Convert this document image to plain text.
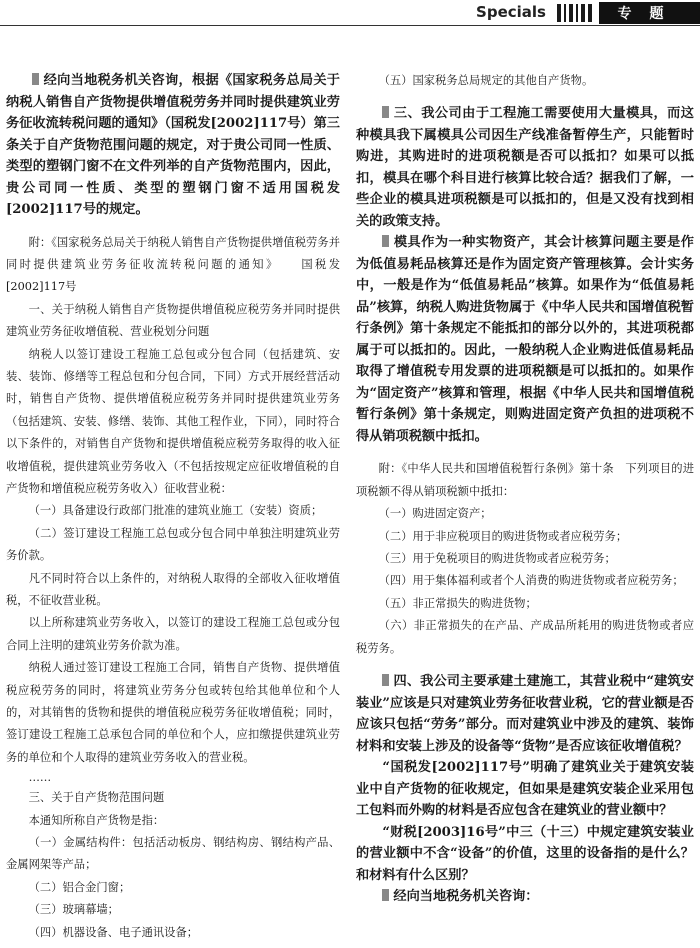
Specials	专题

经向当地税务机关咨询，根据《国家税务总局关于纳税人销售自产货物提供增值税劳务并同时提供建筑业劳务征收流转税问题的通知》（国税发[2002]117号）第三条关于自产货物范围问题的规定，对于贵公司同一性质、类型的塑钢门窗不在文件列举的自产货物范围内，因此，贵公司同一性质、类型的塑钢门窗不适用国税发[2002]117号的规定。

附：《国家税务总局关于纳税人销售自产货物提供增值税劳务并同时提供建筑业劳务征收流转税问题的通知》　　国税发[2002]117号

一、关于纳税人销售自产货物提供增值税应税劳务并同时提供建筑业劳务征收增值税、营业税划分问题

纳税人以签订建设工程施工总包或分包合同（包括建筑、安装、装饰、修缮等工程总包和分包合同，下同）方式开展经营活动时，销售自产货物、提供增值税应税劳务并同时提供建筑业劳务（包括建筑、安装、修缮、装饰、其他工程作业，下同），同时符合以下条件的，对销售自产货物和提供增值税应税劳务取得的收入征收增值税，提供建筑业劳务收入（不包括按规定应征收增值税的自产货物和增值税应税劳务收入）征收营业税：

（一）具备建设行政部门批准的建筑业施工（安装）资质；

（二）签订建设工程施工总包或分包合同中单独注明建筑业劳务价款。

凡不同时符合以上条件的，对纳税人取得的全部收入征收增值税，不征收营业税。

以上所称建筑业劳务收入，以签订的建设工程施工总包或分包合同上注明的建筑业劳务价款为准。

纳税人通过签订建设工程施工合同，销售自产货物、提供增值税应税劳务的同时，将建筑业劳务分包或转包给其他单位和个人的，对其销售的货物和提供的增值税应税劳务征收增值税；同时，签订建设工程施工总承包合同的单位和个人，应扣缴提供建筑业劳务的单位和个人取得的建筑业劳务收入的营业税。

……

三、关于自产货物范围问题

本通知所称自产货物是指：

（一）金属结构件：包括活动板房、钢结构房、钢结构产品、金属网架等产品；

（二）铝合金门窗；

（三）玻璃幕墙；

（四）机器设备、电子通讯设备；

（五）国家税务总局规定的其他自产货物。

三、我公司由于工程施工需要使用大量模具，而这种模具我下属模具公司因生产线准备暂停生产，只能暂时购进，其购进时的进项税额是否可以抵扣？如果可以抵扣，模具在哪个科目进行核算比较合适？据我们了解，一些企业的模具进项税额是可以抵扣的，但是又没有找到相关的政策支持。

模具作为一种实物资产，其会计核算问题主要是作为低值易耗品核算还是作为固定资产管理核算。会计实务中，一般是作为“低值易耗品”核算。如果作为“低值易耗品”核算，纳税人购进货物属于《中华人民共和国增值税暂行条例》第十条规定不能抵扣的部分以外的，其进项税都属于可以抵扣的。因此，一般纳税人企业购进低值易耗品取得了增值税专用发票的进项税额是可以抵扣的。如果作为“固定资产”核算和管理，根据《中华人民共和国增值税暂行条例》第十条规定，则购进固定资产负担的进项税不得从销项税额中抵扣。

附：《中华人民共和国增值税暂行条例》第十条　下列项目的进项税额不得从销项税额中抵扣：

（一）购进固定资产；

（二）用于非应税项目的购进货物或者应税劳务；

（三）用于免税项目的购进货物或者应税劳务；

（四）用于集体福利或者个人消费的购进货物或者应税劳务；

（五）非正常损失的购进货物；

（六）非正常损失的在产品、产成品所耗用的购进货物或者应税劳务。

四、我公司主要承建土建施工，其营业税中“建筑安装业”应该是只对建筑业劳务征收营业税，它的营业额是否应该只包括“劳务”部分。而对建筑业中涉及的建筑、装饰材料和安装上涉及的设备等“货物”是否应该征收增值税？

“国税发[2002]117号”明确了建筑业关于建筑安装业中自产货物的征收规定，但如果是建筑安装企业采用包工包料而外购的材料是否应包含在建筑业的营业额中？

“财税[2003]16号”中三（十三）中规定建筑安装业的营业额中不含“设备”的价值，这里的设备指的是什么？和材料有什么区别？

经向当地税务机关咨询：
